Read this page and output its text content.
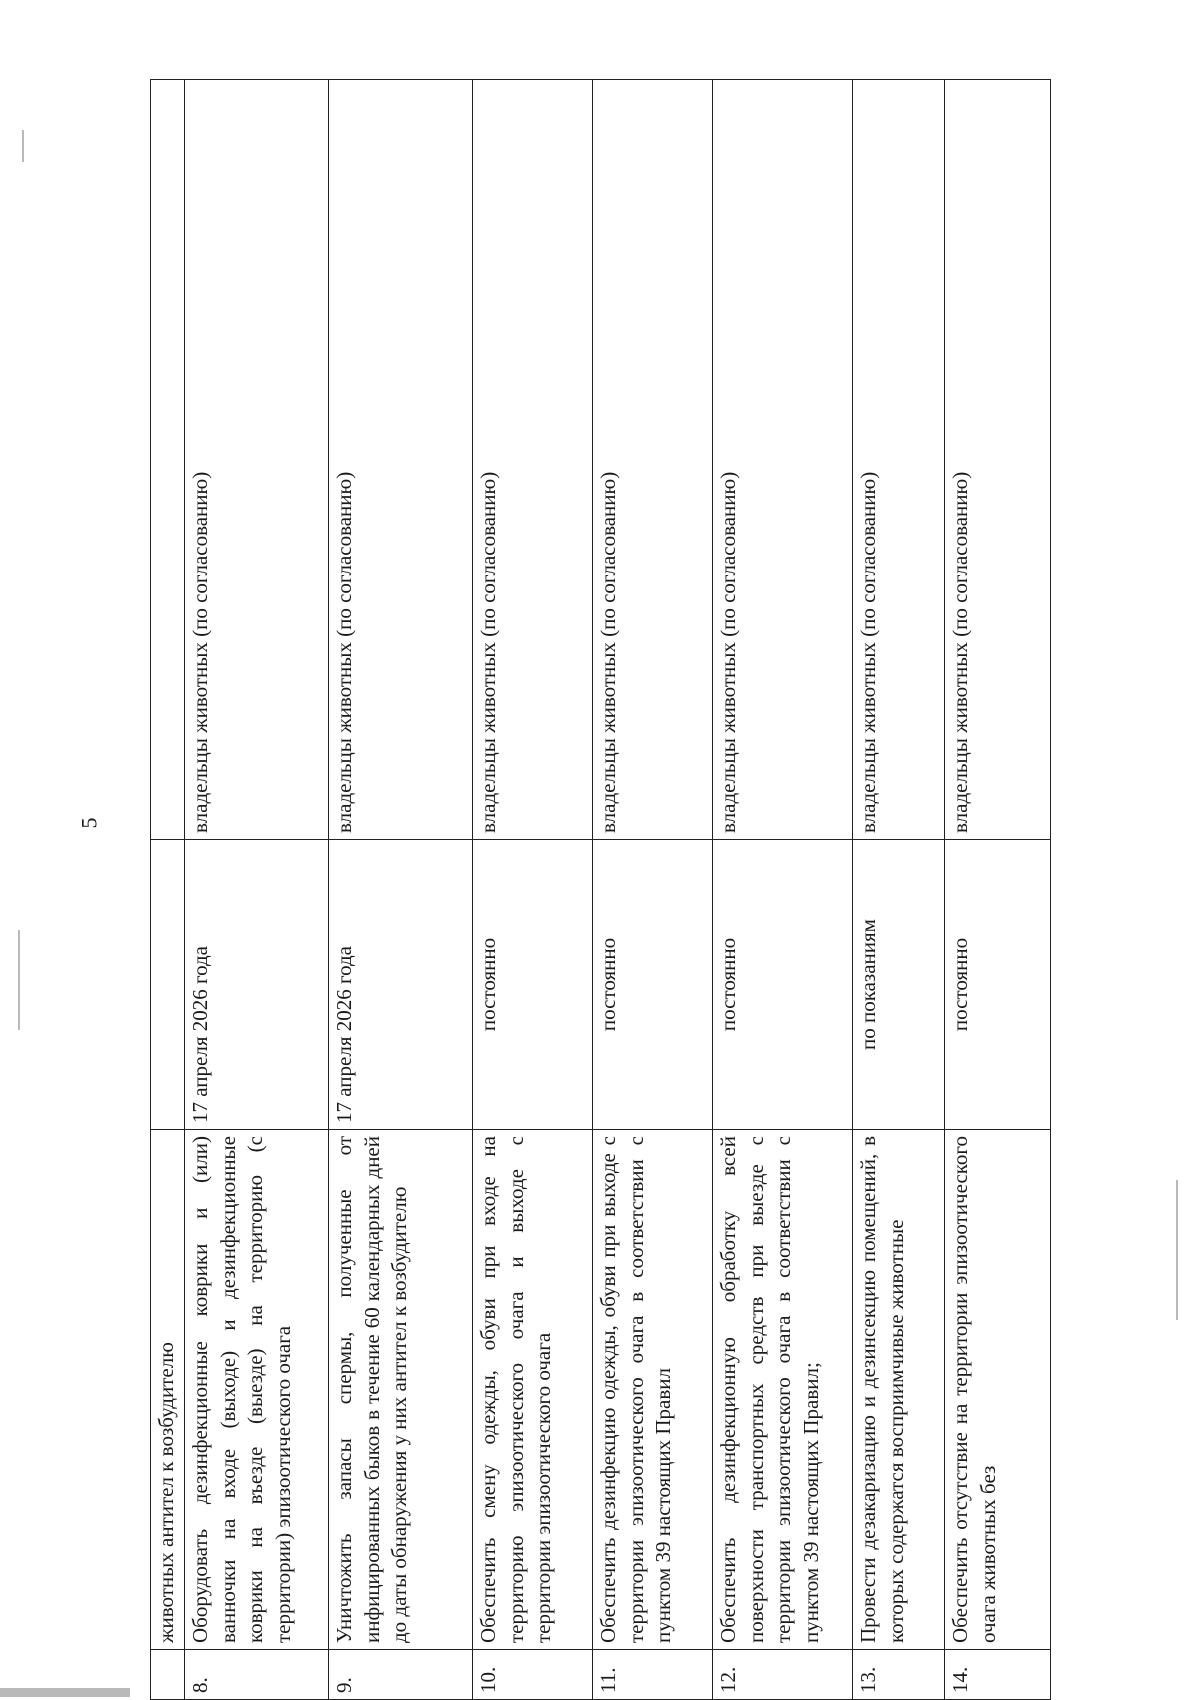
5
	животных антител к возбудителю		
8.	Оборудовать дезинфекционные коврики и (или) ванночки на входе (выходе) и дезинфекционные коврики на въезде (выезде) на территорию (с территории) эпизоотического очага	17 апреля 2026 года	владельцы животных (по согласованию)
9.	Уничтожить запасы спермы, полученные от инфицированных быков в течение 60 календарных дней до даты обнаружения у них антител к возбудителю	17 апреля 2026 года	владельцы животных (по согласованию)
10.	Обеспечить смену одежды, обуви при входе на территорию эпизоотического очага и выходе с территории эпизоотического очага	постоянно	владельцы животных (по согласованию)
11.	Обеспечить дезинфекцию одежды, обуви при выходе с территории эпизоотического очага в соответствии с пунктом 39 настоящих Правил	постоянно	владельцы животных (по согласованию)
12.	Обеспечить дезинфекционную обработку всей поверхности транспортных средств при выезде с территории эпизоотического очага в соответствии с пунктом 39 настоящих Правил;	постоянно	владельцы животных (по согласованию)
13.	Провести дезакаризацию и дезинсекцию помещений, в которых содержатся восприимчивые животные	по показаниям	владельцы животных (по согласованию)
14.	Обеспечить отсутствие на территории эпизоотического очага животных без	постоянно	владельцы животных (по согласованию)
